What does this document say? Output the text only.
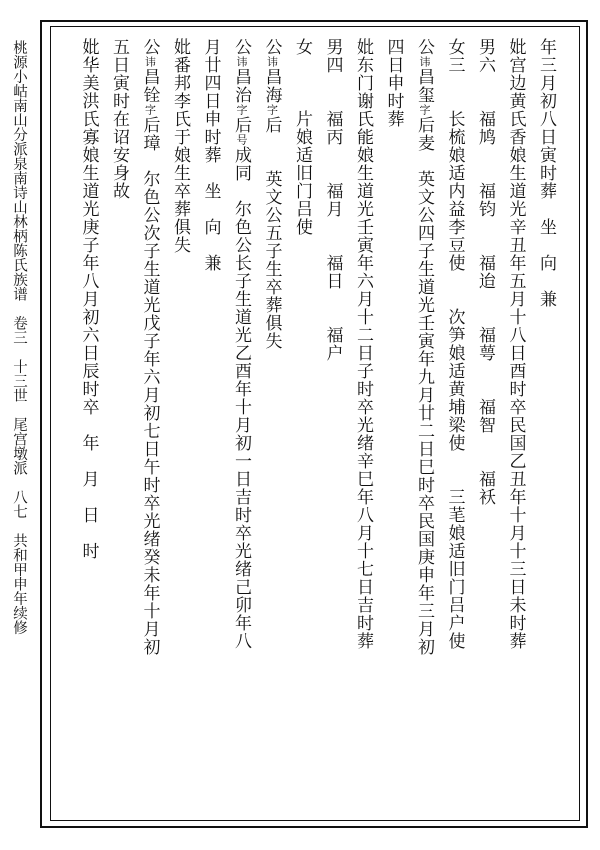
桃源小岵南山分派泉南诗山林柄陈氏族谱　卷三　十三世　尾宫墩派　八七　共和甲申年续修	年三月初八日寅时葬　坐　向　兼
妣宫边黄氏香娘生道光辛丑年五月十八日酉时卒民国乙丑年十月十三日未时葬
男六　　福鸠　　福钧　　福迨　　福萼　　福智　　福袄
女三　　长梳娘适内益李豆使　　次笋娘适黄埔梁使　　三芼娘适旧门吕户使
公讳昌玺字后麦　英文公四子生道光壬寅年九月廿二日巳时卒民国庚申年三月初
四日申时葬
妣东门谢氏能娘生道光壬寅年六月十二日子时卒光绪辛巳年八月十七日吉时葬
男四　　福丙　　福月　　福日　　福户
女　　　片娘适旧门吕使
公讳昌海字后　　英文公五子生卒葬俱失
公讳昌治字后号成同　尔色公长子生道光乙酉年十月初一日吉时卒光绪己卯年八
月廿四日申时葬　坐　向　兼
妣番邦李氏于娘生卒葬俱失
公讳昌铨字后璋　尔色公次子生道光戊子年六月初七日午时卒光绪癸未年十月初
五日寅时在诏安身故
妣华美洪氏寡娘生道光庚子年八月初六日辰时卒　年　月　日　时
